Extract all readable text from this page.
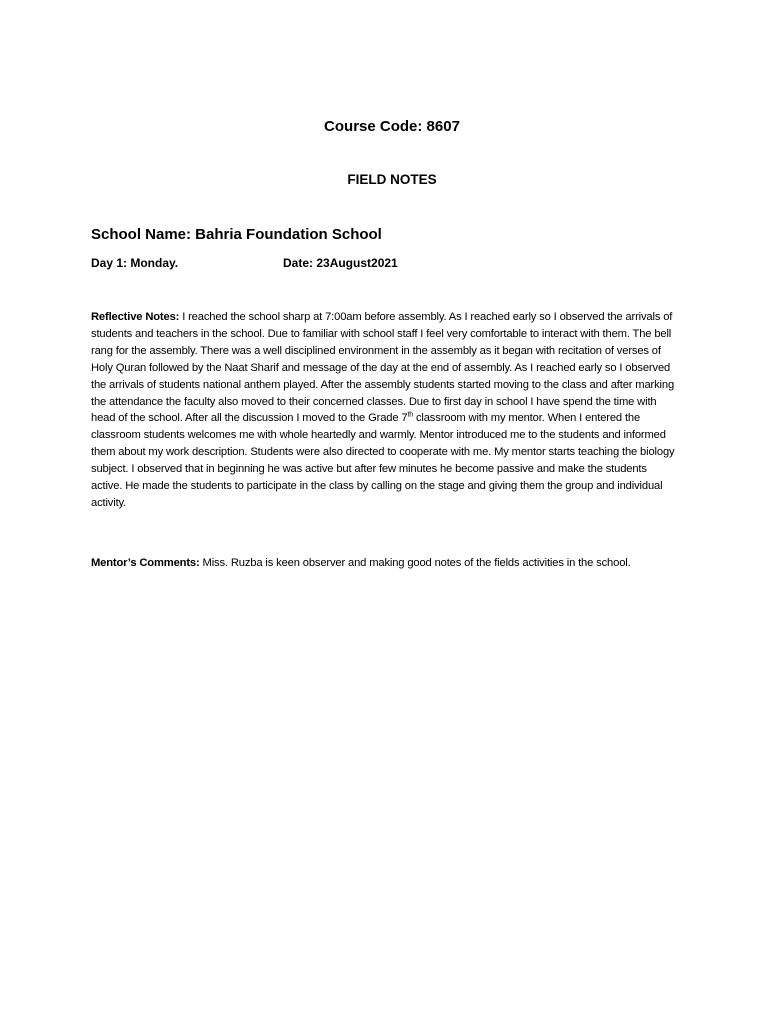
Course Code: 8607
FIELD NOTES
School Name: Bahria Foundation School
Day 1: Monday.	Date: 23August2021

Reflective Notes: I reached the school sharp at 7:00am before assembly. As I reached early so I observed the arrivals of students and teachers in the school. Due to familiar with school staff I feel very comfortable to interact with them. The bell rang for the assembly. There was a well disciplined environment in the assembly as it began with recitation of verses of Holy Quran followed by the Naat Sharif and message of the day at the end of assembly. As I reached early so I observed the arrivals of students national anthem played. After the assembly students started moving to the class and after marking the attendance the faculty also moved to their concerned classes. Due to first day in school I have spend the time with head of the school. After all the discussion I moved to the Grade 7th classroom with my mentor. When I entered the classroom students welcomes me with whole heartedly and warmly. Mentor introduced me to the students and informed them about my work description. Students were also directed to cooperate with me. My mentor starts teaching the biology subject. I observed that in beginning he was active but after few minutes he become passive and make the students active. He made the students to participate in the class by calling on the stage and giving them the group and individual activity.

Mentor’s Comments: Miss. Ruzba is keen observer and making good notes of the fields activities in the school.
